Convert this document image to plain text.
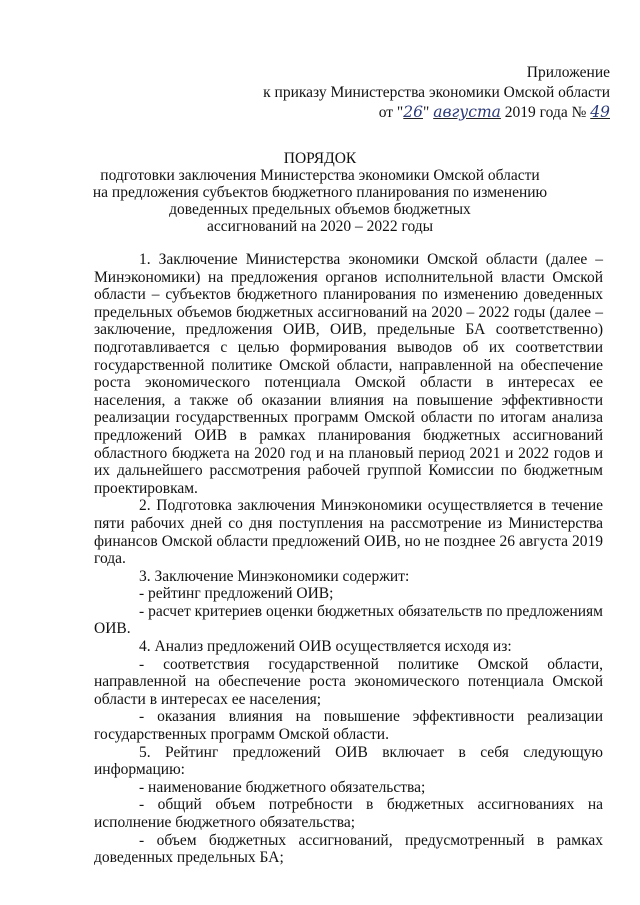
Приложение
к приказу Министерства экономики Омской области
от "26" августа 2019 года № 49
ПОРЯДОК
подготовки заключения Министерства экономики Омской области
на предложения субъектов бюджетного планирования по изменению
доведенных предельных объемов бюджетных
ассигнований на 2020 – 2022 годы

1. Заключение Министерства экономики Омской области (далее – Минэкономики) на предложения органов исполнительной власти Омской области – субъектов бюджетного планирования по изменению доведенных предельных объемов бюджетных ассигнований на 2020 – 2022 годы (далее – заключение, предложения ОИВ, ОИВ, предельные БА соответственно) подготавливается с целью формирования выводов об их соответствии государственной политике Омской области, направленной на обеспечение роста экономического потенциала Омской области в интересах ее населения, а также об оказании влияния на повышение эффективности реализации государственных программ Омской области по итогам анализа предложений ОИВ в рамках планирования бюджетных ассигнований областного бюджета на 2020 год и на плановый период 2021 и 2022 годов и их дальнейшего рассмотрения рабочей группой Комиссии по бюджетным проектировкам.

2. Подготовка заключения Минэкономики осуществляется в течение пяти рабочих дней со дня поступления на рассмотрение из Министерства финансов Омской области предложений ОИВ, но не позднее 26 августа 2019 года.

3. Заключение Минэкономики содержит:

- рейтинг предложений ОИВ;

- расчет критериев оценки бюджетных обязательств по предложениям ОИВ.

4. Анализ предложений ОИВ осуществляется исходя из:

- соответствия государственной политике Омской области, направленной на обеспечение роста экономического потенциала Омской области в интересах ее населения;

- оказания влияния на повышение эффективности реализации государственных программ Омской области.

5. Рейтинг предложений ОИВ включает в себя следующую информацию:

- наименование бюджетного обязательства;

- общий объем потребности в бюджетных ассигнованиях на исполнение бюджетного обязательства;

- объем бюджетных ассигнований, предусмотренный в рамках доведенных предельных БА;
